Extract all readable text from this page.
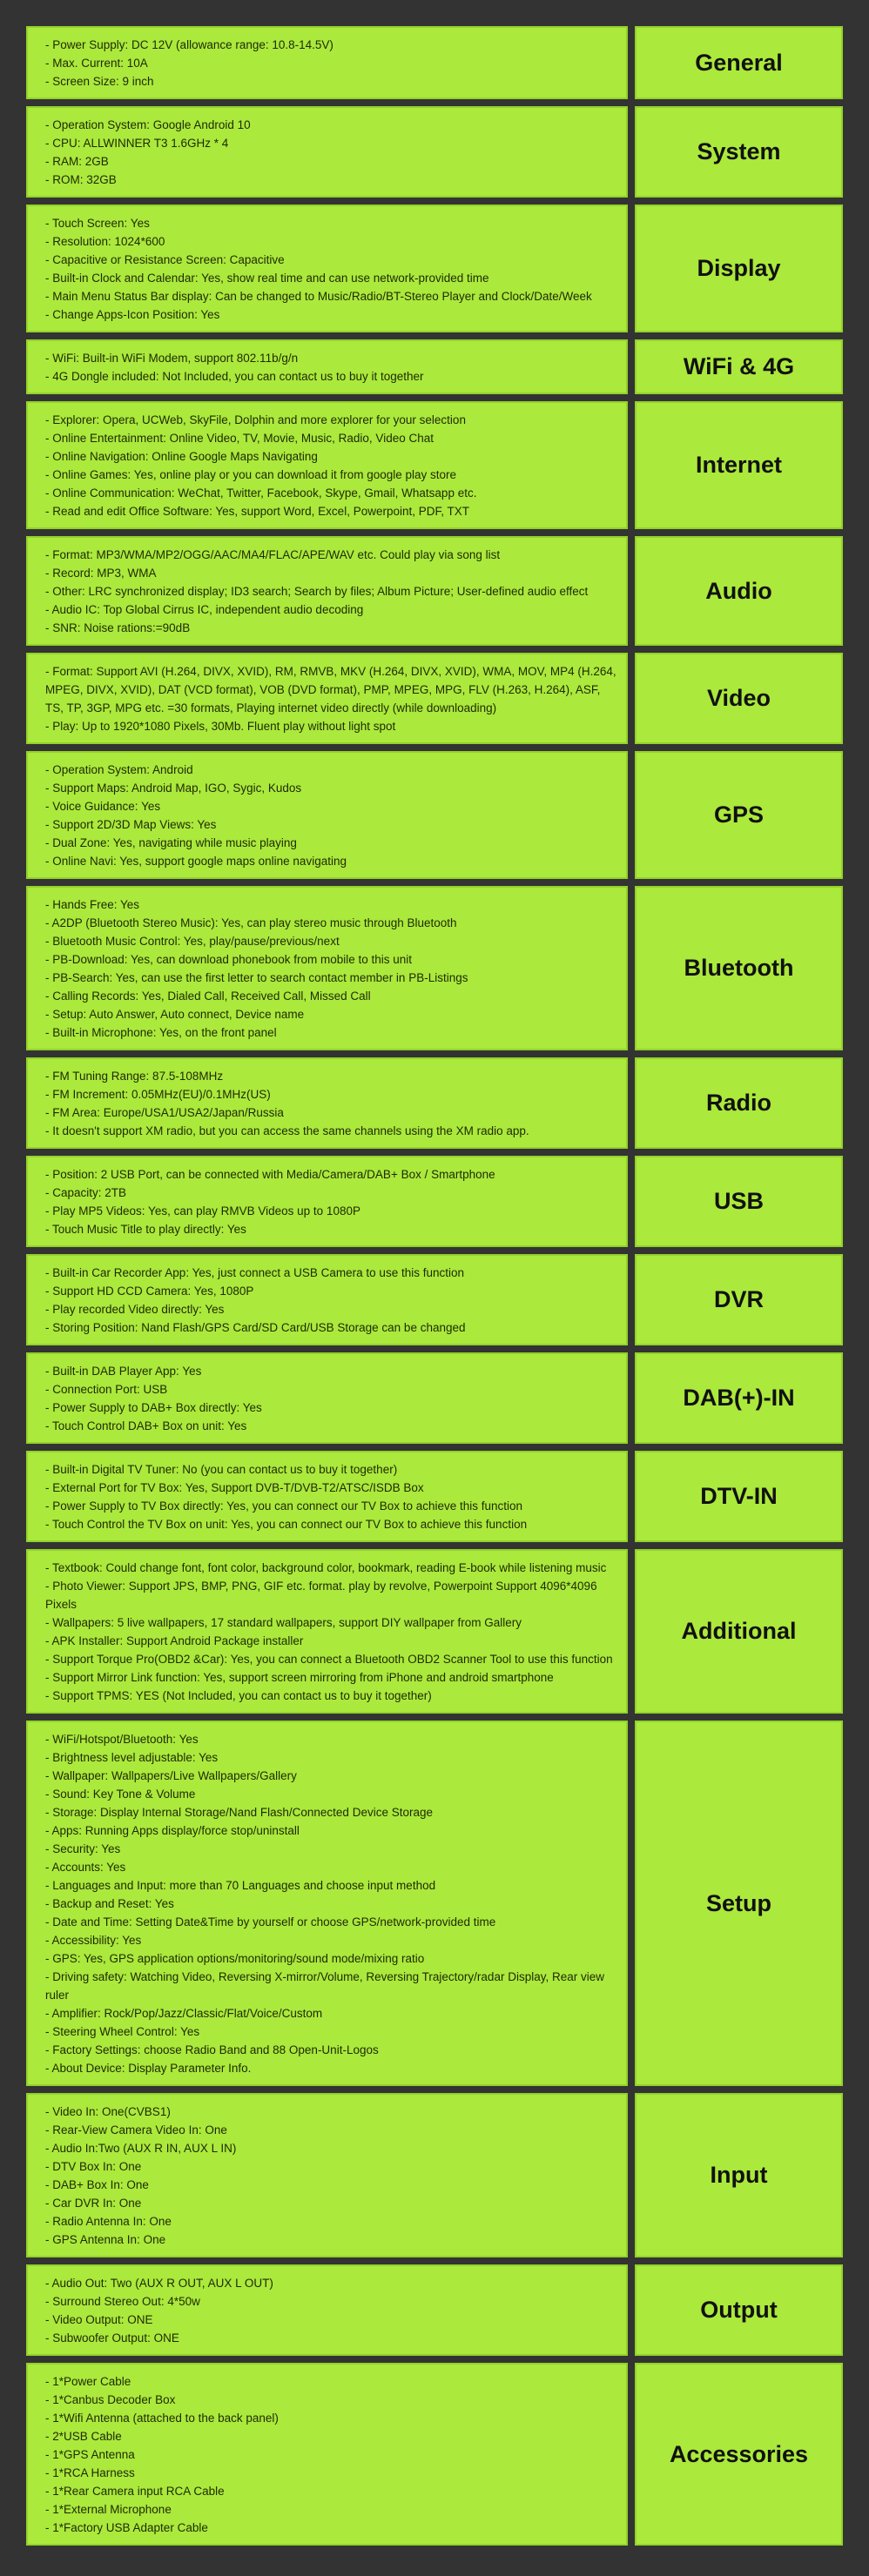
- Power Supply: DC 12V (allowance range: 10.8-14.5V)
- Max. Current: 10A
- Screen Size: 9 inch
General
- Operation System: Google Android 10
- CPU: ALLWINNER T3 1.6GHz * 4
- RAM: 2GB
- ROM: 32GB
System
- Touch Screen: Yes
- Resolution: 1024*600
- Capacitive or Resistance Screen: Capacitive
- Built-in Clock and Calendar: Yes, show real time and can use network-provided time
- Main Menu Status Bar display: Can be changed to Music/Radio/BT-Stereo Player and Clock/Date/Week
- Change Apps-Icon Position: Yes
Display
- WiFi: Built-in WiFi Modem, support 802.11b/g/n
- 4G Dongle included: Not Included, you can contact us to buy it together	WiFi & 4G
- Explorer: Opera, UCWeb, SkyFile, Dolphin and more explorer for your selection
- Online Entertainment: Online Video, TV, Movie, Music, Radio, Video Chat
- Online Navigation: Online Google Maps Navigating
- Online Games: Yes, online play or you can download it from google play store
- Online Communication: WeChat, Twitter, Facebook, Skype, Gmail, Whatsapp etc.
- Read and edit Office Software: Yes, support Word, Excel, Powerpoint, PDF, TXT
Internet
- Format: MP3/WMA/MP2/OGG/AAC/MA4/FLAC/APE/WAV etc. Could play via song list
- Record: MP3, WMA
- Other: LRC synchronized display; ID3 search; Search by files; Album Picture; User-defined audio effect
- Audio IC: Top Global Cirrus IC, independent audio decoding
- SNR: Noise rations:=90dB
Audio
- Format: Support AVI (H.264, DIVX, XVID), RM, RMVB, MKV (H.264, DIVX, XVID), WMA, MOV, MP4 (H.264, MPEG, DIVX, XVID), DAT (VCD format), VOB (DVD format), PMP, MPEG, MPG, FLV (H.263, H.264), ASF, TS, TP, 3GP, MPG etc. =30 formats, Playing internet video directly (while downloading)
- Play: Up to 1920*1080 Pixels, 30Mb. Fluent play without light spot
Video
- Operation System: Android
- Support Maps: Android Map, IGO, Sygic, Kudos
- Voice Guidance: Yes
- Support 2D/3D Map Views: Yes
- Dual Zone: Yes, navigating while music playing
- Online Navi: Yes, support google maps online navigating
GPS
- Hands Free: Yes
- A2DP (Bluetooth Stereo Music): Yes, can play stereo music through Bluetooth
- Bluetooth Music Control: Yes, play/pause/previous/next
- PB-Download: Yes, can download phonebook from mobile to this unit
- PB-Search: Yes, can use the first letter to search contact member in PB-Listings
- Calling Records: Yes, Dialed Call, Received Call, Missed Call
- Setup: Auto Answer, Auto connect, Device name
- Built-in Microphone: Yes, on the front panel
Bluetooth
- FM Tuning Range: 87.5-108MHz
- FM Increment: 0.05MHz(EU)/0.1MHz(US)
- FM Area: Europe/USA1/USA2/Japan/Russia
- It doesn't support XM radio, but you can access the same channels using the XM radio app.
Radio
- Position: 2 USB Port, can be connected with Media/Camera/DAB+ Box / Smartphone
- Capacity: 2TB
- Play MP5 Videos: Yes, can play RMVB Videos up to 1080P
- Touch Music Title to play directly: Yes
USB
- Built-in Car Recorder App: Yes, just connect a USB Camera to use this function
- Support HD CCD Camera: Yes, 1080P
- Play recorded Video directly: Yes
- Storing Position: Nand Flash/GPS Card/SD Card/USB Storage can be changed
DVR
- Built-in DAB Player App: Yes
- Connection Port: USB
- Power Supply to DAB+ Box directly: Yes
- Touch Control DAB+ Box on unit: Yes
DAB(+)-IN
- Built-in Digital TV Tuner: No (you can contact us to buy it together)
- External Port for TV Box: Yes, Support DVB-T/DVB-T2/ATSC/ISDB Box
- Power Supply to TV Box directly: Yes, you can connect our TV Box to achieve this function
- Touch Control the TV Box on unit: Yes, you can connect our TV Box to achieve this function
DTV-IN
- Textbook: Could change font, font color, background color, bookmark, reading E-book while listening music
- Photo Viewer: Support JPS, BMP, PNG, GIF etc. format. play by revolve, Powerpoint Support 4096*4096 Pixels
- Wallpapers: 5 live wallpapers, 17 standard wallpapers, support DIY wallpaper from Gallery
- APK Installer: Support Android Package installer
- Support Torque Pro(OBD2 &Car): Yes, you can connect a Bluetooth OBD2 Scanner Tool to use this function
- Support Mirror Link function: Yes, support screen mirroring from iPhone and android smartphone
- Support TPMS: YES (Not Included, you can contact us to buy it together)
Additional
- WiFi/Hotspot/Bluetooth: Yes
- Brightness level adjustable: Yes
- Wallpaper: Wallpapers/Live Wallpapers/Gallery
- Sound: Key Tone & Volume
- Storage: Display Internal Storage/Nand Flash/Connected Device Storage
- Apps: Running Apps display/force stop/uninstall
- Security: Yes
- Accounts: Yes
- Languages and Input: more than 70 Languages and choose input method
- Backup and Reset: Yes
- Date and Time: Setting Date&Time by yourself or choose GPS/network-provided time
- Accessibility: Yes
- GPS: Yes, GPS application options/monitoring/sound mode/mixing ratio
- Driving safety: Watching Video, Reversing X-mirror/Volume, Reversing Trajectory/radar Display, Rear view ruler
- Amplifier: Rock/Pop/Jazz/Classic/Flat/Voice/Custom
- Steering Wheel Control: Yes
- Factory Settings: choose Radio Band and 88 Open-Unit-Logos
- About Device: Display Parameter Info.
Setup
- Video In: One(CVBS1)
- Rear-View Camera Video In: One
- Audio In:Two (AUX R IN, AUX L IN)
- DTV Box In: One
- DAB+ Box In: One
- Car DVR In: One
- Radio Antenna In: One
- GPS Antenna In: One
Input
- Audio Out: Two (AUX R OUT, AUX L OUT)
- Surround Stereo Out: 4*50w
- Video Output: ONE
- Subwoofer Output: ONE
Output
- 1*Power Cable
- 1*Canbus Decoder Box
- 1*Wifi Antenna (attached to the back panel)
- 2*USB Cable
- 1*GPS Antenna
- 1*RCA Harness
- 1*Rear Camera input RCA Cable
- 1*External Microphone
- 1*Factory USB Adapter Cable
Accessories
